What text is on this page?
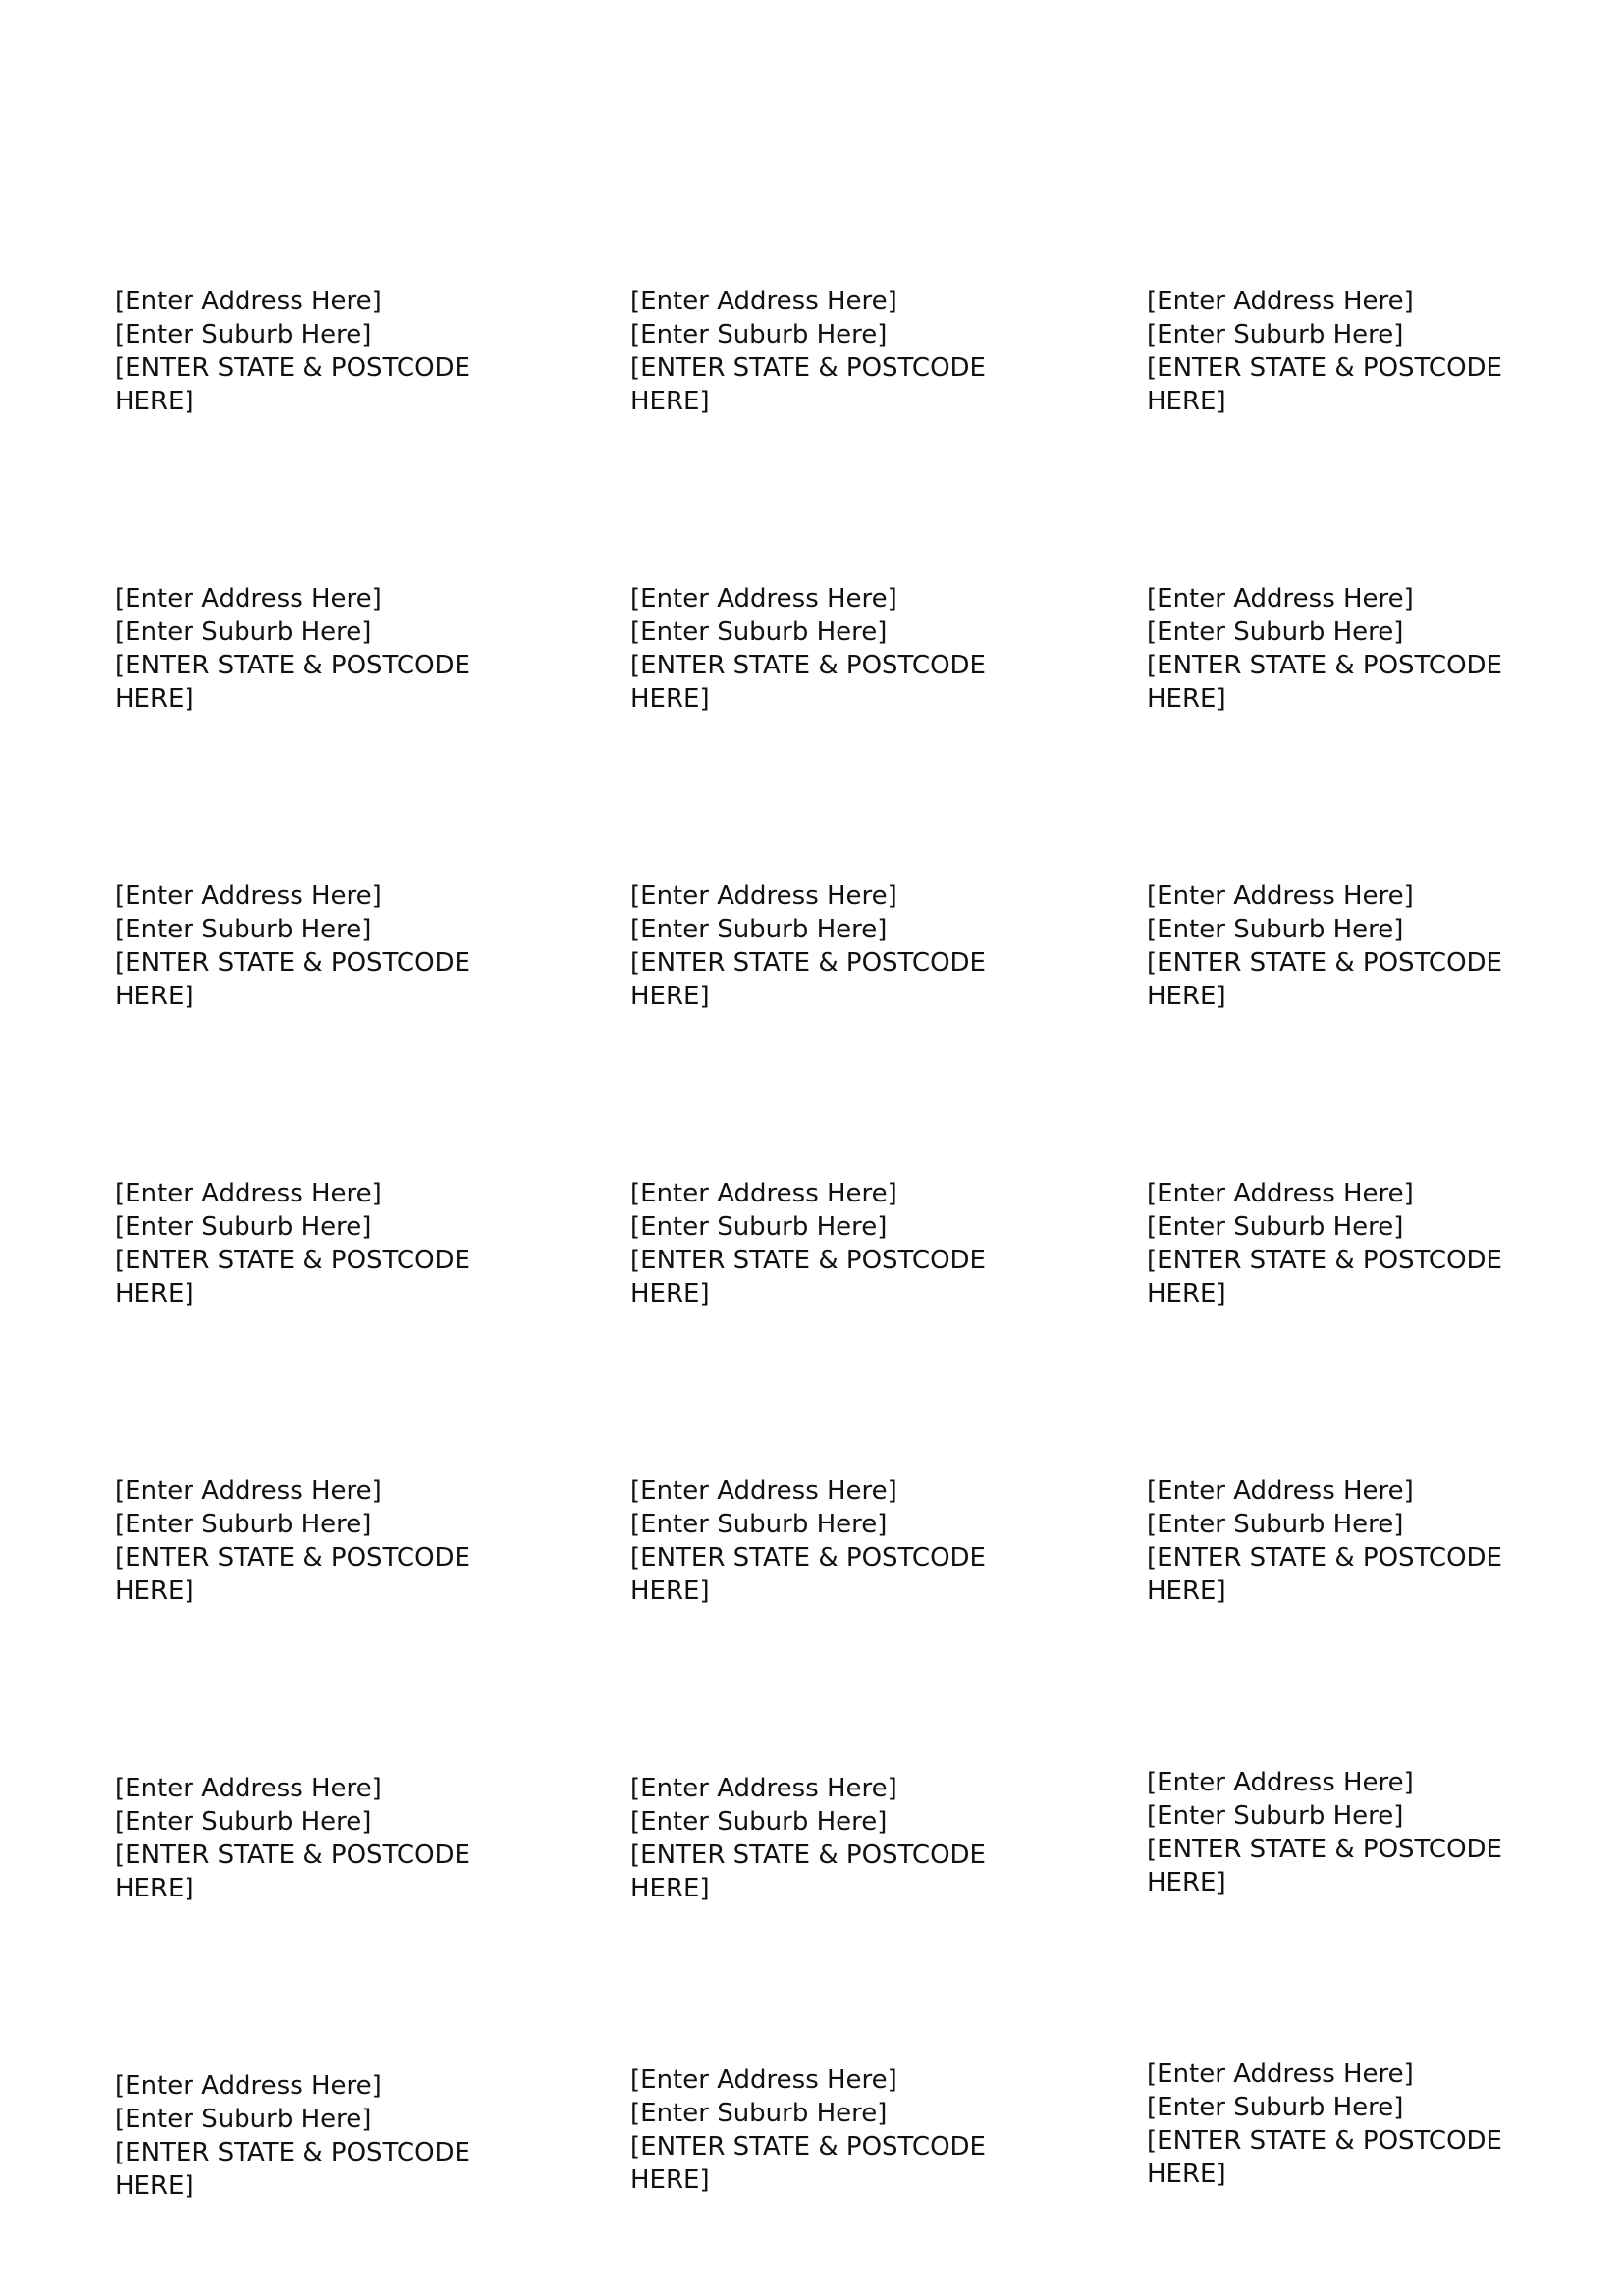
[Enter Address Here]
[Enter Suburb Here]
[ENTER STATE & POSTCODE HERE]
[Enter Address Here]
[Enter Suburb Here]
[ENTER STATE & POSTCODE HERE]
[Enter Address Here]
[Enter Suburb Here]
[ENTER STATE & POSTCODE HERE]
[Enter Address Here]
[Enter Suburb Here]
[ENTER STATE & POSTCODE HERE]
[Enter Address Here]
[Enter Suburb Here]
[ENTER STATE & POSTCODE HERE]
[Enter Address Here]
[Enter Suburb Here]
[ENTER STATE & POSTCODE HERE]
[Enter Address Here]
[Enter Suburb Here]
[ENTER STATE & POSTCODE HERE]
[Enter Address Here]
[Enter Suburb Here]
[ENTER STATE & POSTCODE HERE]
[Enter Address Here]
[Enter Suburb Here]
[ENTER STATE & POSTCODE HERE]
[Enter Address Here]
[Enter Suburb Here]
[ENTER STATE & POSTCODE HERE]
[Enter Address Here]
[Enter Suburb Here]
[ENTER STATE & POSTCODE HERE]
[Enter Address Here]
[Enter Suburb Here]
[ENTER STATE & POSTCODE HERE]
[Enter Address Here]
[Enter Suburb Here]
[ENTER STATE & POSTCODE HERE]
[Enter Address Here]
[Enter Suburb Here]
[ENTER STATE & POSTCODE HERE]
[Enter Address Here]
[Enter Suburb Here]
[ENTER STATE & POSTCODE HERE]
[Enter Address Here]
[Enter Suburb Here]
[ENTER STATE & POSTCODE HERE]
[Enter Address Here]
[Enter Suburb Here]
[ENTER STATE & POSTCODE HERE]
[Enter Address Here]
[Enter Suburb Here]
[ENTER STATE & POSTCODE HERE]
[Enter Address Here]
[Enter Suburb Here]
[ENTER STATE & POSTCODE HERE]
[Enter Address Here]
[Enter Suburb Here]
[ENTER STATE & POSTCODE HERE]
[Enter Address Here]
[Enter Suburb Here]
[ENTER STATE & POSTCODE HERE]
